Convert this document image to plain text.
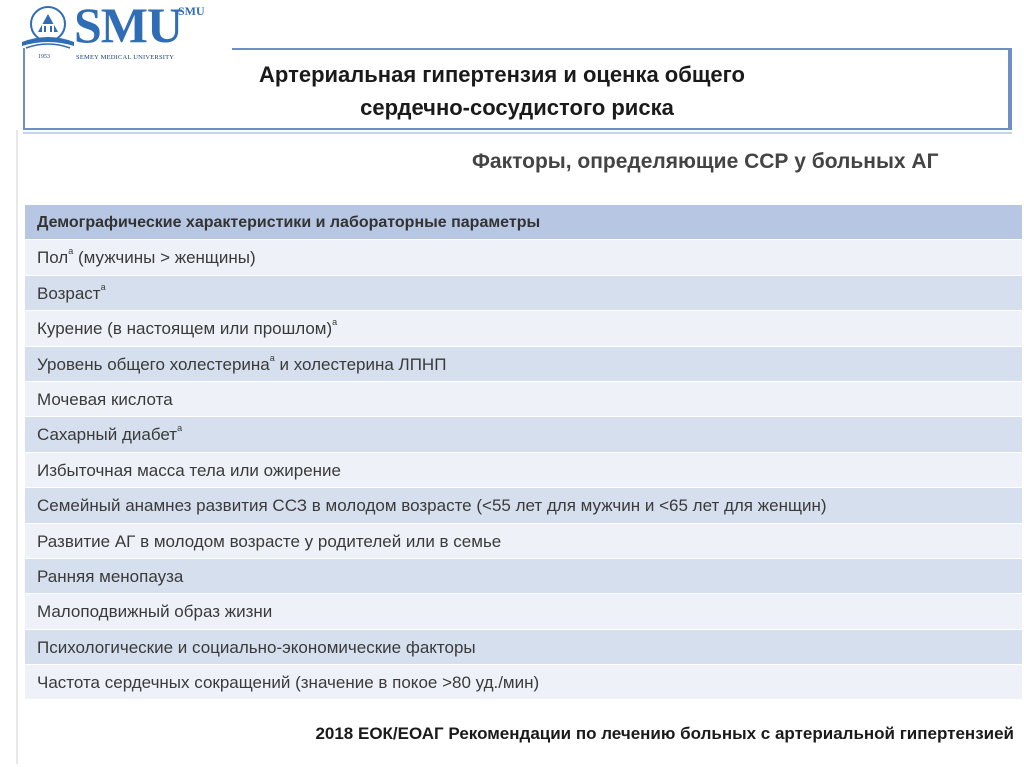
SMU
SMU
1953	SEMEY MEDICAL UNIVERSITY
Артериальная гипертензия и оценка общего
сердечно-сосудистого риска
Факторы, определяющие ССР у больных АГ
Демографические характеристики и лабораторные параметры
Пол$^а$ (мужчины > женщины)
Возраст$^а$
Курение (в настоящем или прошлом)$^а$
Уровень общего холестерина$^а$ и холестерина ЛПНП
Мочевая кислота
Сахарный диабет$^а$
Избыточная масса тела или ожирение
Семейный анамнез развития ССЗ в молодом возрасте (<55 лет для мужчин и <65 лет для женщин)
Развитие АГ в молодом возрасте у родителей или в семье
Ранняя менопауза
Малоподвижный образ жизни
Психологические и социально-экономические факторы
Частота сердечных сокращений (значение в покое >80 уд./мин)
2018 ЕОК/ЕОАГ Рекомендации по лечению больных с артериальной гипертензией
